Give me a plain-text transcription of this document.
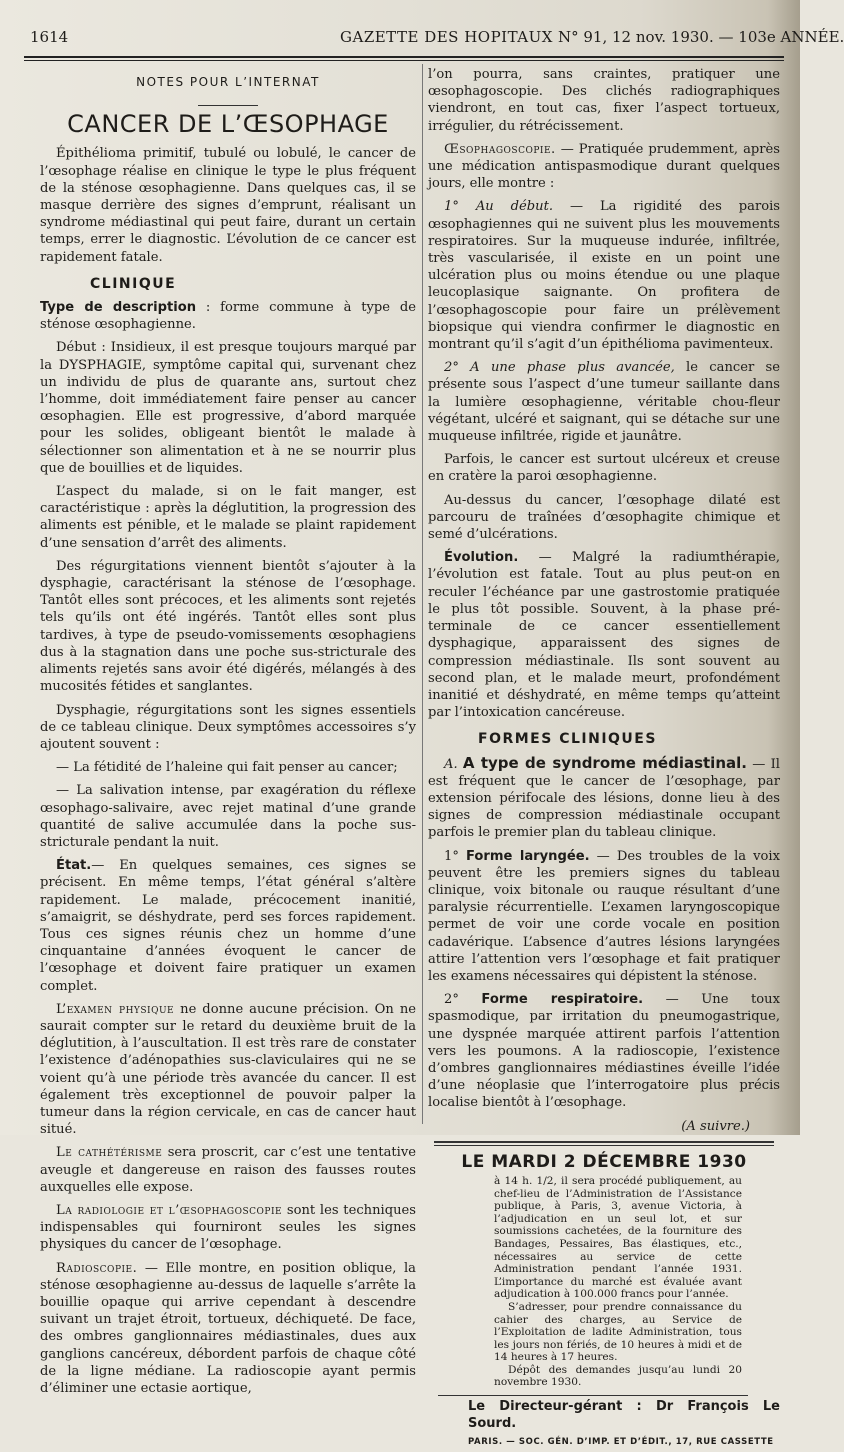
1614	GAZETTE DES HOPITAUX N° 91, 12 nov. 1930. — 103e ANNÉE.
NOTES POUR L’INTERNAT
CANCER DE L’ŒSOPHAGE

Épithélioma primitif, tubulé ou lobulé, le cancer de l’œsophage réalise en clinique le type le plus fréquent de la sténose œsophagienne. Dans quelques cas, il se masque derrière des signes d’emprunt, réalisant un syndrome médiastinal qui peut faire, durant un certain temps, errer le diagnostic. L’évolution de ce cancer est rapidement fatale.

CLINIQUE

Type de description : forme commune à type de sténose œsophagienne.

Début : Insidieux, il est presque toujours marqué par la DYSPHAGIE, symptôme capital qui, survenant chez un individu de plus de quarante ans, surtout chez l’homme, doit immédiatement faire penser au cancer œsophagien. Elle est progressive, d’abord marquée pour les solides, obligeant bientôt le malade à sélectionner son alimentation et à ne se nourrir plus que de bouillies et de liquides.

L’aspect du malade, si on le fait manger, est caractéristique : après la déglutition, la progression des aliments est pénible, et le malade se plaint rapidement d’une sensation d’arrêt des aliments.

Des régurgitations viennent bientôt s’ajouter à la dysphagie, caractérisant la sténose de l’œsophage. Tantôt elles sont précoces, et les aliments sont rejetés tels qu’ils ont été ingérés. Tantôt elles sont plus tardives, à type de pseudo-vomissements œsophagiens dus à la stagnation dans une poche sus-stricturale des aliments rejetés sans avoir été digérés, mélangés à des mucosités fétides et sanglantes.

Dysphagie, régurgitations sont les signes essentiels de ce tableau clinique. Deux symptômes accessoires s’y ajoutent souvent :

— La fétidité de l’haleine qui fait penser au cancer;

— La salivation intense, par exagération du réflexe œsophago-salivaire, avec rejet matinal d’une grande quantité de salive accumulée dans la poche sus-stricturale pendant la nuit.

État.— En quelques semaines, ces signes se précisent. En même temps, l’état général s’altère rapidement. Le malade, précocement inanitié, s’amaigrit, se déshydrate, perd ses forces rapidement. Tous ces signes réunis chez un homme d’une cinquantaine d’années évoquent le cancer de l’œsophage et doivent faire pratiquer un examen complet.

L’examen physique ne donne aucune précision. On ne saurait compter sur le retard du deuxième bruit de la déglutition, à l’auscultation. Il est très rare de constater l’existence d’adénopathies sus-claviculaires qui ne se voient qu’à une période très avancée du cancer. Il est également très exceptionnel de pouvoir palper la tumeur dans la région cervicale, en cas de cancer haut situé.

Le cathétérisme sera proscrit, car c’est une tentative aveugle et dangereuse en raison des fausses routes auxquelles elle expose.

La radiologie et l’œsophagoscopie sont les techniques indispensables qui fourniront seules les signes physiques du cancer de l’œsophage.

Radioscopie. — Elle montre, en position oblique, la sténose œsophagienne au-dessus de laquelle s’arrête la bouillie opaque qui arrive cependant à descendre suivant un trajet étroit, tortueux, déchiqueté. De face, des ombres ganglionnaires médiastinales, dues aux ganglions cancéreux, débordent parfois de chaque côté de la ligne médiane. La radioscopie ayant permis d’éliminer une ectasie aortique,

l’on pourra, sans craintes, pratiquer une œsophagoscopie. Des clichés radiographiques viendront, en tout cas, fixer l’aspect tortueux, irrégulier, du rétrécissement.

Œsophagoscopie. — Pratiquée prudemment, après une médication antispasmodique durant quelques jours, elle montre :

1° Au début. — La rigidité des parois œsophagiennes qui ne suivent plus les mouvements respiratoires. Sur la muqueuse indurée, infiltrée, très vascularisée, il existe en un point une ulcération plus ou moins étendue ou une plaque leucoplasique saignante. On profitera de l’œsophagoscopie pour faire un prélèvement biopsique qui viendra confirmer le diagnostic en montrant qu’il s’agit d’un épithélioma pavimenteux.

2° A une phase plus avancée, le cancer se présente sous l’aspect d’une tumeur saillante dans la lumière œsophagienne, véritable chou-fleur végétant, ulcéré et saignant, qui se détache sur une muqueuse infiltrée, rigide et jaunâtre.

Parfois, le cancer est surtout ulcéreux et creuse en cratère la paroi œsophagienne.

Au-dessus du cancer, l’œsophage dilaté est parcouru de traînées d’œsophagite chimique et semé d’ulcérations.

Évolution. — Malgré la radiumthérapie, l’évolution est fatale. Tout au plus peut-on en reculer l’échéance par une gastrostomie pratiquée le plus tôt possible. Souvent, à la phase pré-terminale de ce cancer essentiellement dysphagique, apparaissent des signes de compression médiastinale. Ils sont souvent au second plan, et le malade meurt, profondément inanitié et déshydraté, en même temps qu’atteint par l’intoxication cancéreuse.

FORMES CLINIQUES

A. A type de syndrome médiastinal. — Il est fréquent que le cancer de l’œsophage, par extension périfocale des lésions, donne lieu à des signes de compression médiastinale occupant parfois le premier plan du tableau clinique.

1° Forme laryngée. — Des troubles de la voix peuvent être les premiers signes du tableau clinique, voix bitonale ou rauque résultant d’une paralysie récurrentielle. L’examen laryngoscopique permet de voir une corde vocale en position cadavérique. L’absence d’autres lésions laryngées attire l’attention vers l’œsophage et fait pratiquer les examens nécessaires qui dépistent la sténose.

2° Forme respiratoire. — Une toux spasmodique, par irritation du pneumogastrique, une dyspnée marquée attirent parfois l’attention vers les poumons. A la radioscopie, l’existence d’ombres ganglionnaires médiastines éveille l’idée d’une néoplasie que l’interrogatoire plus précis localise bientôt à l’œsophage.

(A suivre.)
LE MARDI 2 DÉCEMBRE 1930

à 14 h. 1/2, il sera procédé publiquement, au chef-lieu de l’Administration de l’Assistance publique, à Paris, 3, avenue Victoria, à l’adjudication en un seul lot, et sur soumissions cachetées, de la fourniture des Bandages, Pessaires, Bas élastiques, etc., nécessaires au service de cette Administration pendant l’année 1931. L’importance du marché est évaluée avant adjudication à 100.000 francs pour l’année.

S’adresser, pour prendre connaissance du cahier des charges, au Service de l’Exploitation de ladite Administration, tous les jours non fériés, de 10 heures à midi et de 14 heures à 17 heures.

Dépôt des demandes jusqu’au lundi 20 novembre 1930.

Le Directeur-gérant : Dr François Le Sourd.
PARIS. — SOC. GÉN. D’IMP. ET D’ÉDIT., 17, RUE CASSETTE
